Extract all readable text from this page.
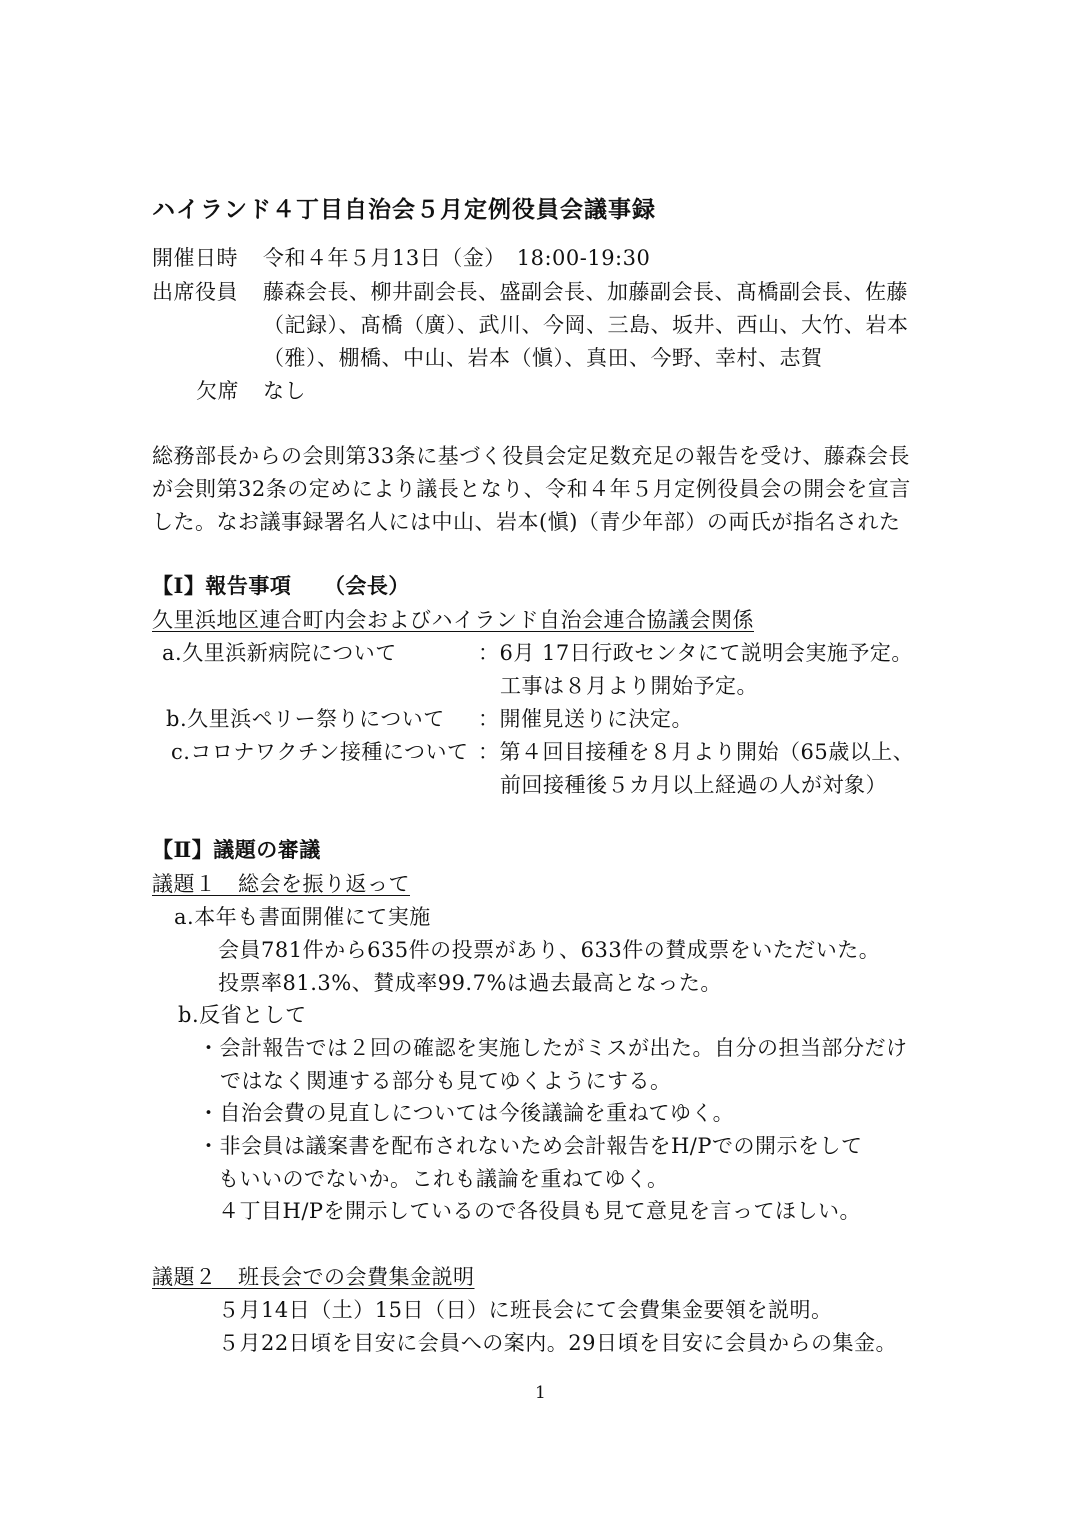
ハイランド４丁目自治会５月定例役員会議事録
開催日時 令和４年５月13日（金）　18:00-19:30
出席役員 藤森会長、柳井副会長、盛副会長、加藤副会長、髙橋副会長、佐藤
（記録）、髙橋（廣）、武川、今岡、三島、坂井、西山、大竹、岩本
（雅）、棚橋、中山、岩本（愼）、真田、今野、幸村、志賀
欠席 なし
総務部長からの会則第33条に基づく役員会定足数充足の報告を受け、藤森会長
が会則第32条の定めにより議長となり、令和４年５月定例役員会の開会を宣言
した。なお議事録署名人には中山、岩本(愼)（青少年部）の両氏が指名された
【Ⅰ】報告事項　　（会長）
久里浜地区連合町内会およびハイランド自治会連合協議会関係
a.久里浜新病院について	：6月 17日行政センタにて説明会実施予定。
工事は８月より開始予定。
b.久里浜ペリー祭りについて ：開催見送りに決定。
c.コロナワクチン接種について ：第４回目接種を８月より開始（65歳以上、
前回接種後５カ月以上経過の人が対象）
【Ⅱ】議題の審議
議題１　総会を振り返って
a.本年も書面開催にて実施
会員781件から635件の投票があり、633件の賛成票をいただいた。
投票率81.3%、賛成率99.7%は過去最高となった。
b.反省として
・会計報告では２回の確認を実施したがミスが出た。自分の担当部分だけ
ではなく関連する部分も見てゆくようにする。
・自治会費の見直しについては今後議論を重ねてゆく。
・非会員は議案書を配布されないため会計報告をH/Pでの開示をして
もいいのでないか。これも議論を重ねてゆく。
４丁目H/Pを開示しているので各役員も見て意見を言ってほしい。
議題２　班長会での会費集金説明
５月14日（土）15日（日）に班長会にて会費集金要領を説明。
５月22日頃を目安に会員への案内。29日頃を目安に会員からの集金。
1
